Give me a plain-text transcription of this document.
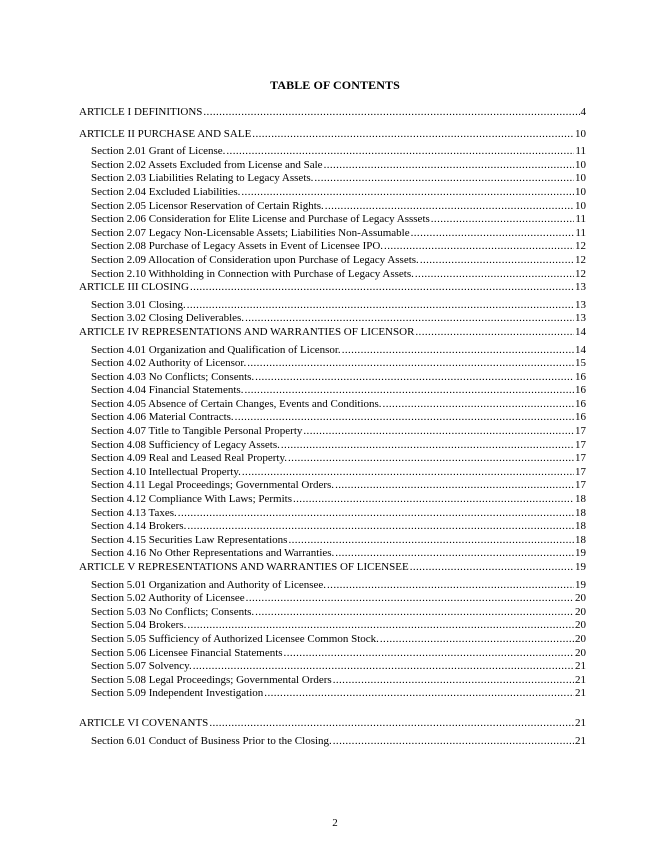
TABLE OF CONTENTS
ARTICLE I DEFINITIONS .....	4
ARTICLE II PURCHASE AND SALE .....	10
Section 2.01 Grant of License. .....	11
Section 2.02 Assets Excluded from License and Sale .....	10
Section 2.03 Liabilities Relating to Legacy Assets. .....	10
Section 2.04 Excluded Liabilities. .....	10
Section 2.05 Licensor Reservation of Certain Rights. .....	10
Section 2.06 Consideration for Elite License and Purchase of Legacy Asssets .....	11
Section 2.07 Legacy Non-Licensable Assets; Liabilities Non-Assumable .....	11
Section 2.08 Purchase of Legacy Assets in Event of Licensee IPO. .....	12
Section 2.09 Allocation of Consideration upon Purchase of Legacy Assets. .....	12
Section 2.10 Withholding in Connection with Purchase of Legacy Assets. .....	12
ARTICLE III CLOSING .....	13
Section 3.01 Closing. .....	13
Section 3.02 Closing Deliverables. .....	13
ARTICLE IV REPRESENTATIONS AND WARRANTIES OF LICENSOR .....	14
Section 4.01 Organization and Qualification of Licensor. .....	14
Section 4.02 Authority of Licensor. .....	15
Section 4.03 No Conflicts; Consents. .....	16
Section 4.04 Financial Statements. .....	16
Section 4.05 Absence of Certain Changes, Events and Conditions. .....	16
Section 4.06 Material Contracts. .....	16
Section 4.07 Title to Tangible Personal Property .....	17
Section 4.08 Sufficiency of Legacy Assets. .....	17
Section 4.09 Real and Leased Real Property. .....	17
Section 4.10 Intellectual Property. .....	17
Section 4.11 Legal Proceedings; Governmental Orders. .....	17
Section 4.12 Compliance With Laws; Permits .....	18
Section 4.13 Taxes. .....	18
Section 4.14 Brokers. .....	18
Section 4.15 Securities Law Representations .....	18
Section 4.16 No Other Representations and Warranties. .....	19
ARTICLE V REPRESENTATIONS AND WARRANTIES OF LICENSEE .....	19
Section 5.01 Organization and Authority of Licensee. .....	19
Section 5.02 Authority of Licensee .....	20
Section 5.03 No Conflicts; Consents. .....	20
Section 5.04 Brokers. .....	20
Section 5.05 Sufficiency of Authorized Licensee Common Stock. .....	20
Section 5.06 Licensee Financial Statements .....	20
Section 5.07 Solvency. .....	21
Section 5.08 Legal Proceedings; Governmental Orders .....	21
Section 5.09 Independent Investigation .....	21
ARTICLE VI COVENANTS .....	21
Section 6.01 Conduct of Business Prior to the Closing. .....	21
2
